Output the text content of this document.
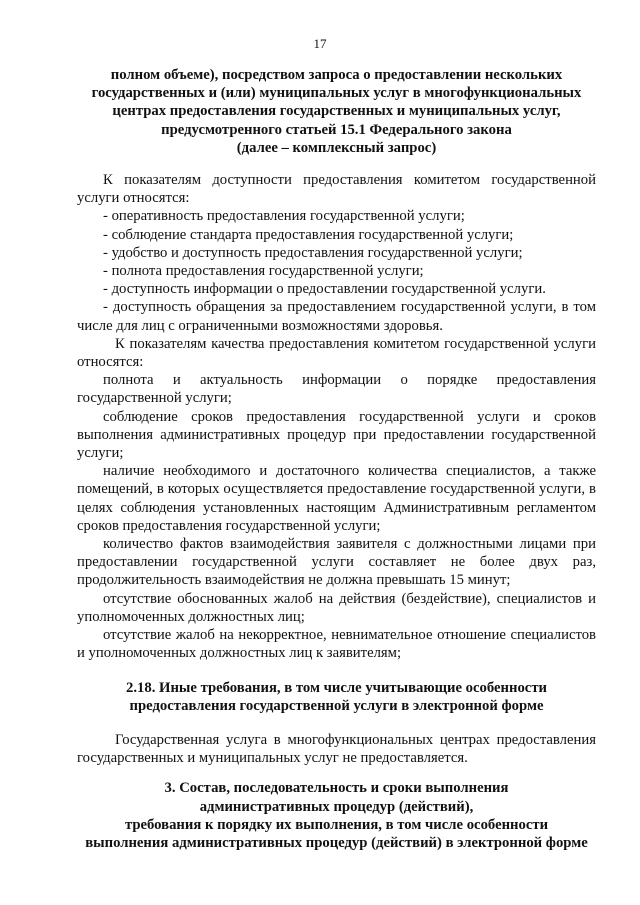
17
полном объеме), посредством запроса о предоставлении нескольких
государственных и (или) муниципальных услуг в многофункциональных
центрах предоставления государственных и муниципальных услуг,
предусмотренного статьей 15.1 Федерального закона
(далее – комплексный запрос)

К показателям доступности предоставления комитетом государственной услуги относятся:

- оперативность предоставления государственной услуги;
- соблюдение стандарта предоставления государственной услуги;
- удобство и доступность предоставления государственной услуги;
- полнота предоставления государственной услуги;
- доступность информации о предоставлении государственной услуги.

- доступность обращения за предоставлением государственной услуги, в том числе для лиц с ограниченными возможностями здоровья.

К показателям качества предоставления комитетом государственной услуги относятся:

полнота и актуальность информации о порядке предоставления государственной услуги;

соблюдение сроков предоставления государственной услуги и сроков выполнения административных процедур при предоставлении государственной услуги;

наличие необходимого и достаточного количества специалистов, а также помещений, в которых осуществляется предоставление государственной услуги, в целях соблюдения установленных настоящим Административным регламентом сроков предоставления государственной услуги;

количество фактов взаимодействия заявителя с должностными лицами при предоставлении государственной услуги составляет не более двух раз, продолжительность взаимодействия не должна превышать 15 минут;

отсутствие обоснованных жалоб на действия (бездействие), специалистов и уполномоченных должностных лиц;

отсутствие жалоб на некорректное, невнимательное отношение специалистов и уполномоченных должностных лиц к заявителям;

2.18. Иные требования, в том числе учитывающие особенности
предоставления государственной услуги в электронной форме

Государственная услуга в многофункциональных центрах предоставления государственных и муниципальных услуг не предоставляется.

3. Состав, последовательность и сроки выполнения
административных процедур (действий),
требования к порядку их выполнения, в том числе особенности
выполнения административных процедур (действий) в электронной форме
